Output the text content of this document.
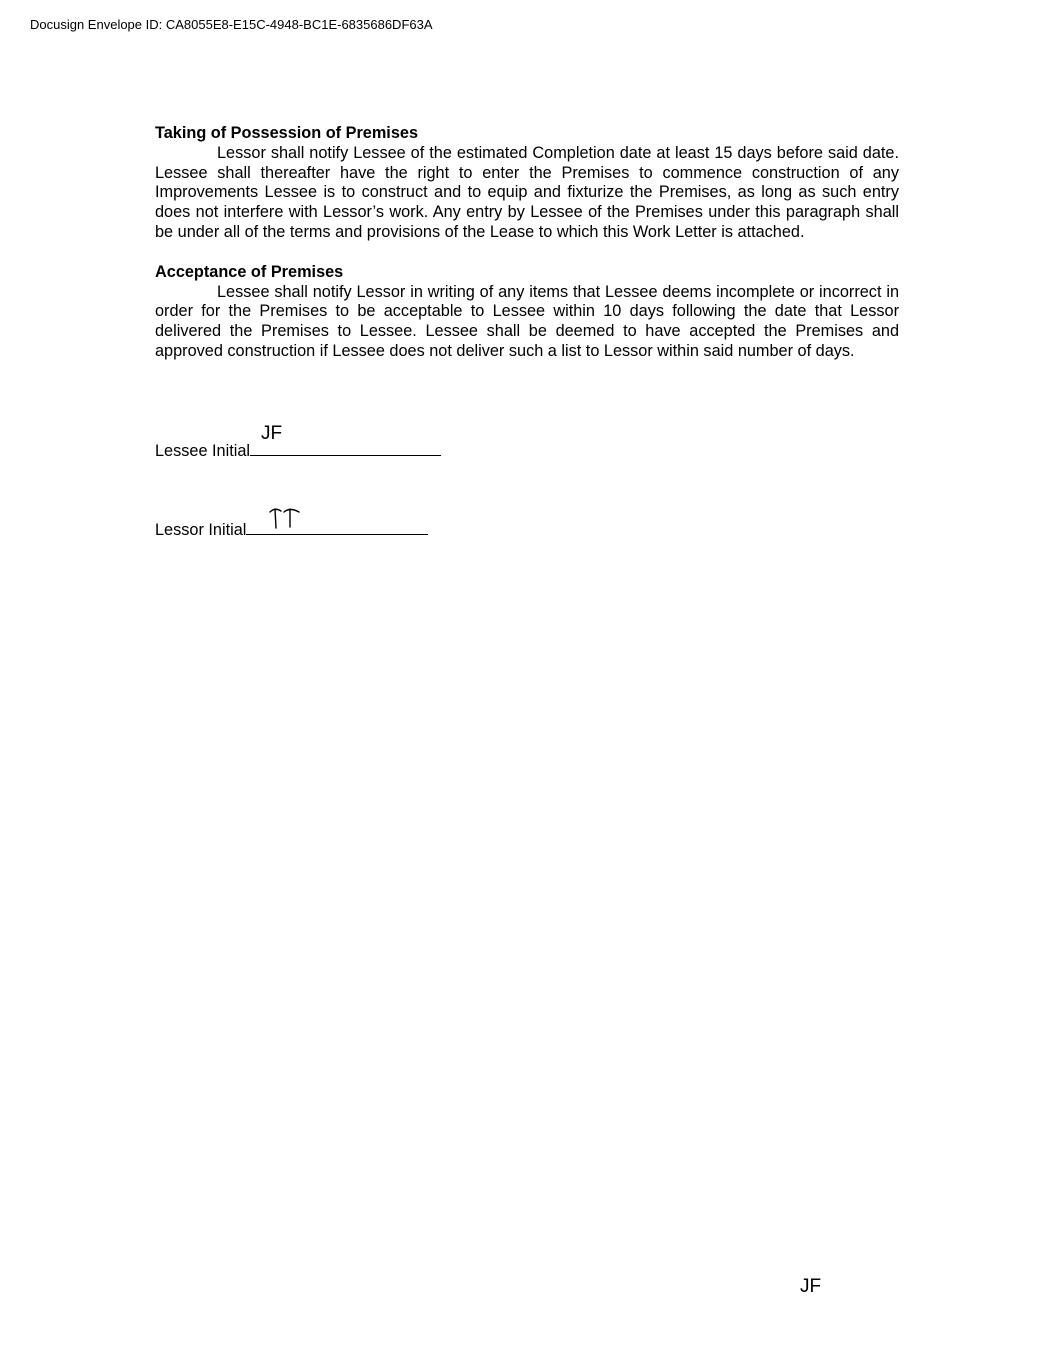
Docusign Envelope ID: CA8055E8-E15C-4948-BC1E-6835686DF63A

Taking of Possession of Premises

Lessor shall notify Lessee of the estimated Completion date at least 15 days before said date. Lessee shall thereafter have the right to enter the Premises to commence construction of any Improvements Lessee is to construct and to equip and fixturize the Premises, as long as such entry does not interfere with Lessor’s work. Any entry by Lessee of the Premises under this paragraph shall be under all of the terms and provisions of the Lease to which this Work Letter is attached.

Acceptance of Premises

Lessee shall notify Lessor in writing of any items that Lessee deems incomplete or incorrect in order for the Premises to be acceptable to Lessee within 10 days following the date that Lessor delivered the Premises to Lessee. Lessee shall be deemed to have accepted the Premises and approved construction if Lessee does not deliver such a list to Lessor within said number of days.

JF
Lessee Initial
Lessor Initial
JF
